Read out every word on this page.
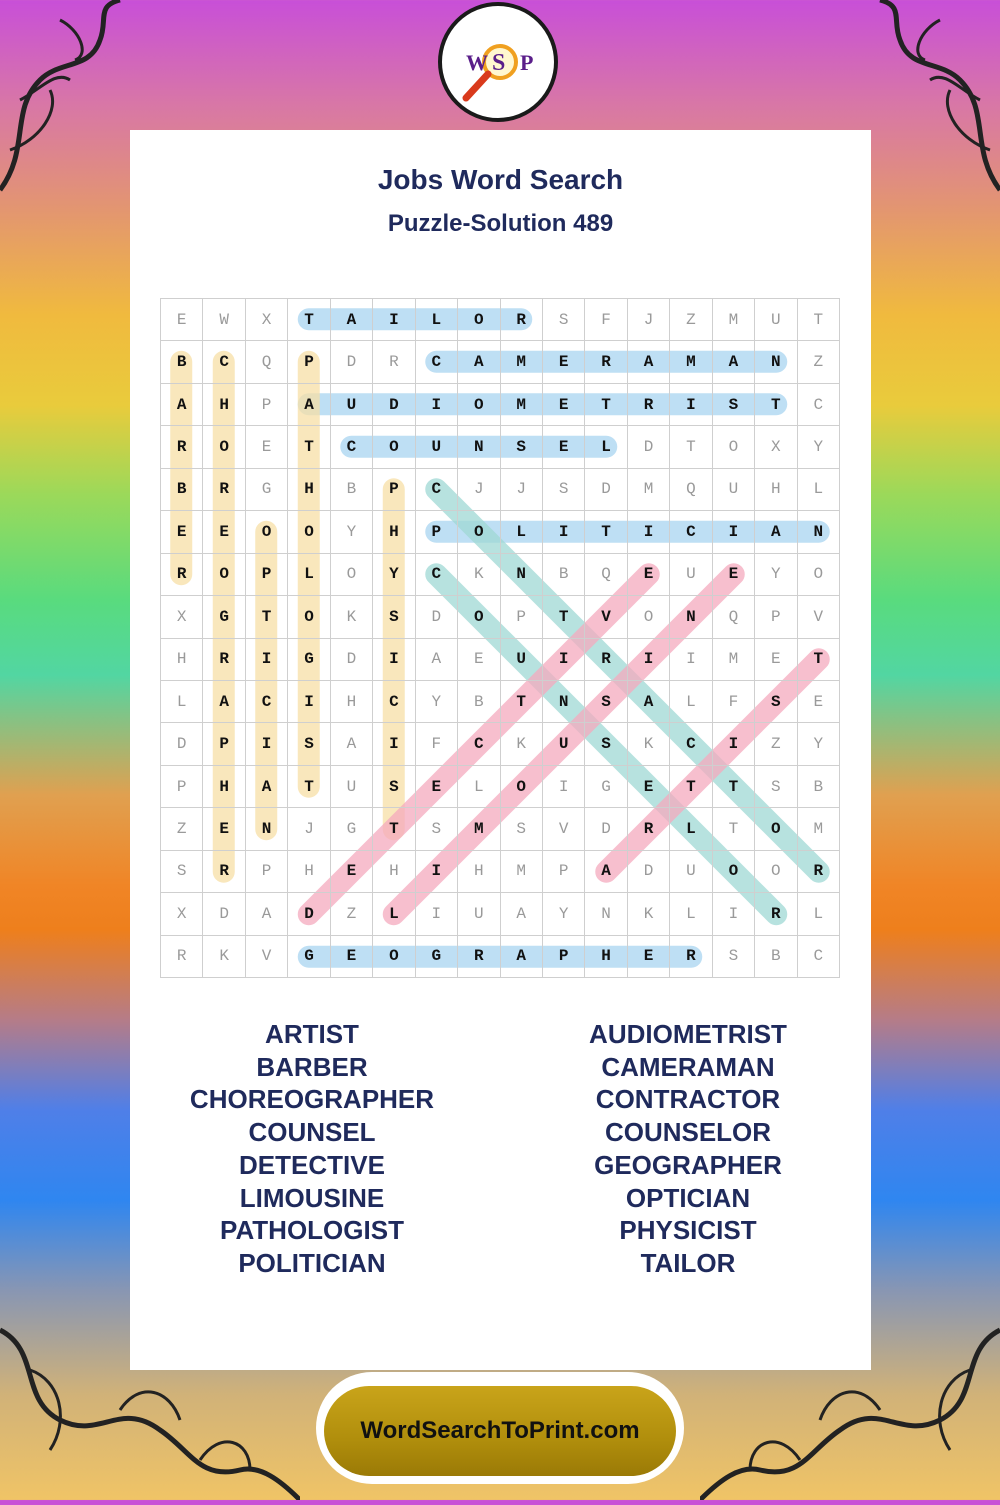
W S P
Jobs Word Search
Puzzle-Solution 489
E	W	X	T	A	I	L	O	R	S	F	J	Z	M	U	T
B	C	Q	P	D	R	C	A	M	E	R	A	M	A	N	Z
A	H	P	A	U	D	I	O	M	E	T	R	I	S	T	C
R	O	E	T	C	O	U	N	S	E	L	D	T	O	X	Y
B	R	G	H	B	P	C	J	J	S	D	M	Q	U	H	L
E	E	O	O	Y	H	P	O	L	I	T	I	C	I	A	N
R	O	P	L	O	Y	C	K	N	B	Q	E	U	E	Y	O
X	G	T	O	K	S	D	O	P	T	V	O	N	Q	P	V
H	R	I	G	D	I	A	E	U	I	R	I	I	M	E	T
L	A	C	I	H	C	Y	B	T	N	S	A	L	F	S	E
D	P	I	S	A	I	F	C	K	U	S	K	C	I	Z	Y
P	H	A	T	U	S	E	L	O	I	G	E	T	T	S	B
Z	E	N	J	G	T	S	M	S	V	D	R	L	T	O	M
S	R	P	H	E	H	I	H	M	P	A	D	U	O	O	R
X	D	A	D	Z	L	I	U	A	Y	N	K	L	I	R	L
R	K	V	G	E	O	G	R	A	P	H	E	R	S	B	C
ARTIST
BARBER
CHOREOGRAPHER
COUNSEL
DETECTIVE
LIMOUSINE
PATHOLOGIST
POLITICIAN
AUDIOMETRIST
CAMERAMAN
CONTRACTOR
COUNSELOR
GEOGRAPHER
OPTICIAN
PHYSICIST
TAILOR
WordSearchToPrint.com
